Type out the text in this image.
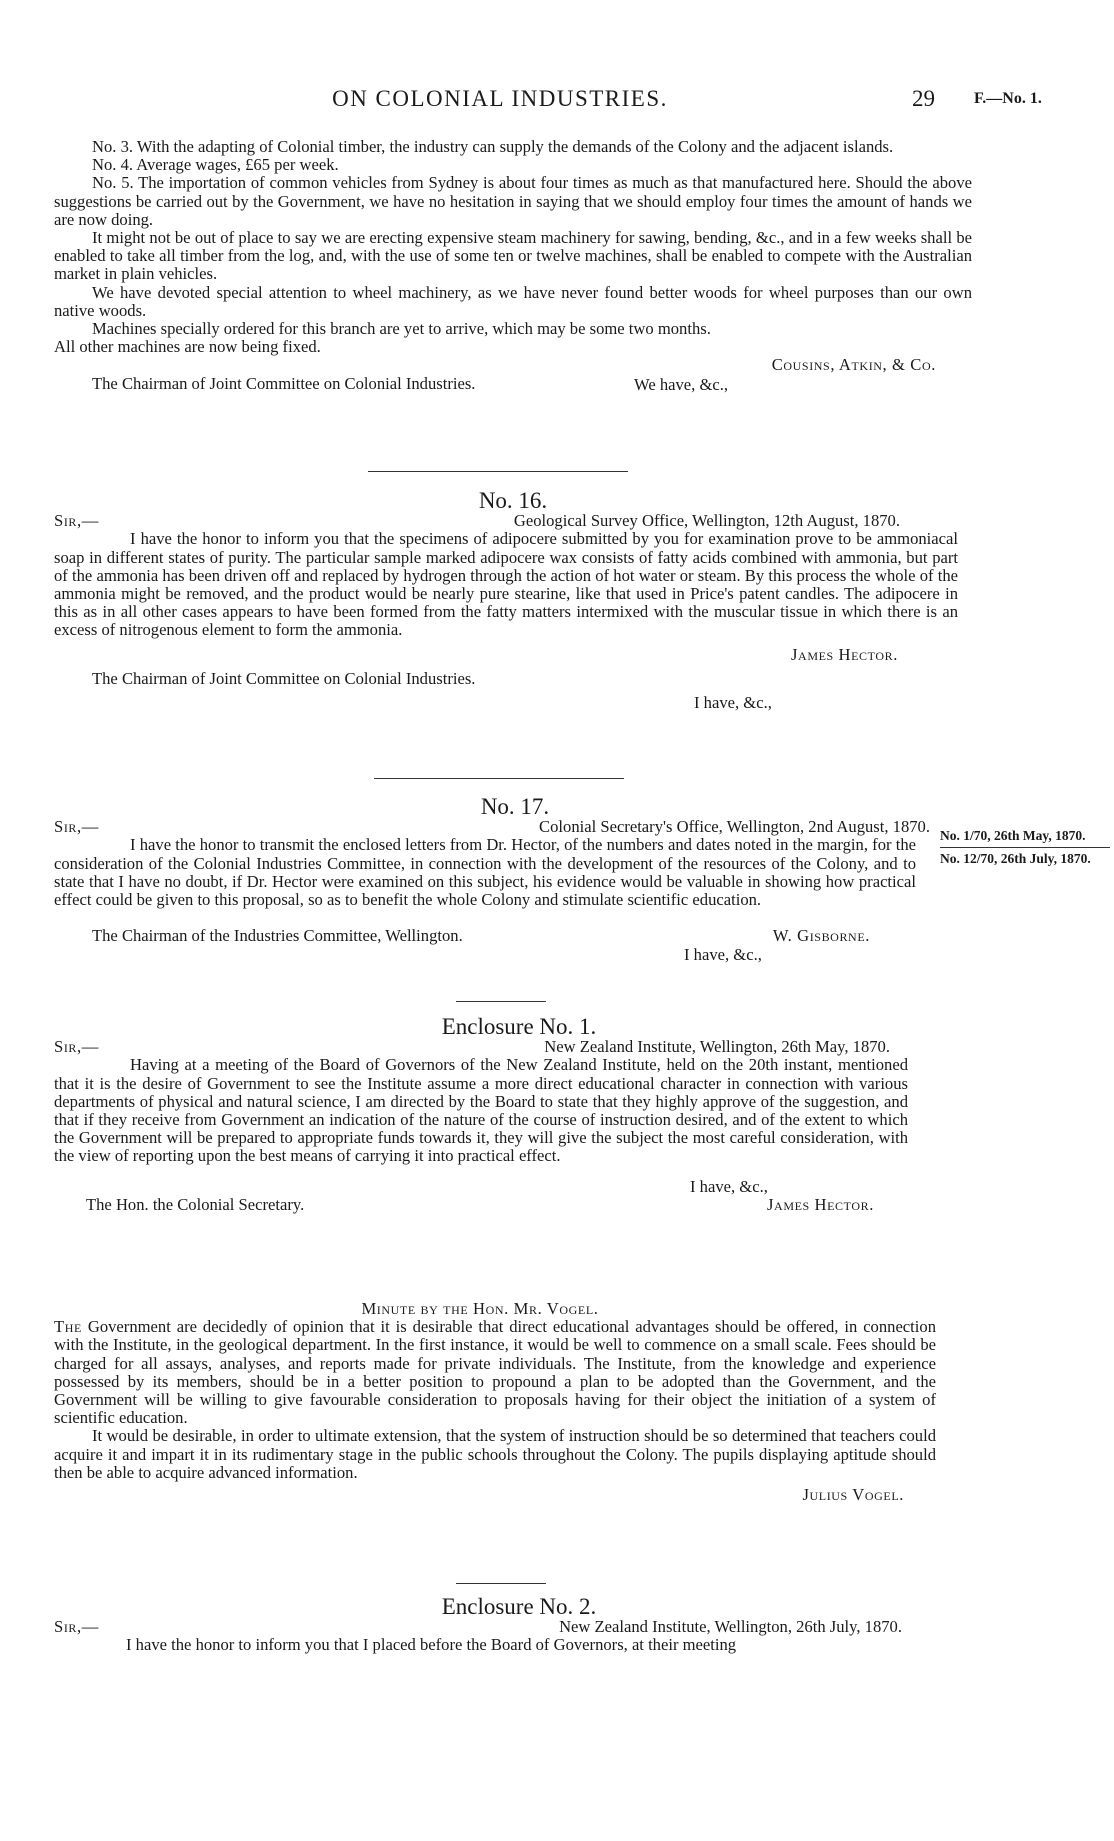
ON COLONIAL INDUSTRIES.	29 F.—No. 1.

No. 3. With the adapting of Colonial timber, the industry can supply the demands of the Colony and the adjacent islands.

No. 4. Average wages, £65 per week.

No. 5. The importation of common vehicles from Sydney is about four times as much as that manufactured here. Should the above suggestions be carried out by the Government, we have no hesitation in saying that we should employ four times the amount of hands we are now doing.

It might not be out of place to say we are erecting expensive steam machinery for sawing, bending, &c., and in a few weeks shall be enabled to take all timber from the log, and, with the use of some ten or twelve machines, shall be enabled to compete with the Australian market in plain vehicles.

We have devoted special attention to wheel machinery, as we have never found better woods for wheel purposes than our own native woods.

Machines specially ordered for this branch are yet to arrive, which may be some two months. All other machines are now being fixed.

We have, &c.,

Cousins, Atkin, & Co.

The Chairman of Joint Committee on Colonial Industries.

No. 16.

Sir,—	Geological Survey Office, Wellington, 12th August, 1870.

I have the honor to inform you that the specimens of adipocere submitted by you for examination prove to be ammoniacal soap in different states of purity. The particular sample marked adipocere wax consists of fatty acids combined with ammonia, but part of the ammonia has been driven off and replaced by hydrogen through the action of hot water or steam. By this process the whole of the ammonia might be removed, and the product would be nearly pure stearine, like that used in Price's patent candles. The adipocere in this as in all other cases appears to have been formed from the fatty matters intermixed with the muscular tissue in which there is an excess of nitrogenous element to form the ammonia.

I have, &c.,

James Hector.

The Chairman of Joint Committee on Colonial Industries.

No. 17.

Sir,—	Colonial Secretary's Office, Wellington, 2nd August, 1870.

I have the honor to transmit the enclosed letters from Dr. Hector, of the numbers and dates noted in the margin, for the consideration of the Colonial Industries Committee, in connection with the development of the resources of the Colony, and to state that I have no doubt, if Dr. Hector were examined on this subject, his evidence would be valuable in showing how practical effect could be given to this proposal, so as to benefit the whole Colony and stimulate scientific education.

I have, &c.,

The Chairman of the Industries Committee, Wellington.	W. Gisborne.
No. 1/70, 26th May, 1870.
No. 12/70, 26th July, 1870.

Enclosure No. 1.

Sir,—	New Zealand Institute, Wellington, 26th May, 1870.

Having at a meeting of the Board of Governors of the New Zealand Institute, held on the 20th instant, mentioned that it is the desire of Government to see the Institute assume a more direct educational character in connection with various departments of physical and natural science, I am directed by the Board to state that they highly approve of the suggestion, and that if they receive from Government an indication of the nature of the course of instruction desired, and of the extent to which the Government will be prepared to appropriate funds towards it, they will give the subject the most careful consideration, with the view of reporting upon the best means of carrying it into practical effect.

I have, &c.,

The Hon. the Colonial Secretary.	James Hector.

Minute by the Hon. Mr. Vogel.

The Government are decidedly of opinion that it is desirable that direct educational advantages should be offered, in connection with the Institute, in the geological department. In the first instance, it would be well to commence on a small scale. Fees should be charged for all assays, analyses, and reports made for private individuals. The Institute, from the knowledge and experience possessed by its members, should be in a better position to propound a plan to be adopted than the Government, and the Government will be willing to give favourable consideration to proposals having for their object the initiation of a system of scientific education.

It would be desirable, in order to ultimate extension, that the system of instruction should be so determined that teachers could acquire it and impart it in its rudimentary stage in the public schools throughout the Colony. The pupils displaying aptitude should then be able to acquire advanced information.

Julius Vogel.

Enclosure No. 2.

Sir,—	New Zealand Institute, Wellington, 26th July, 1870.

I have the honor to inform you that I placed before the Board of Governors, at their meeting
